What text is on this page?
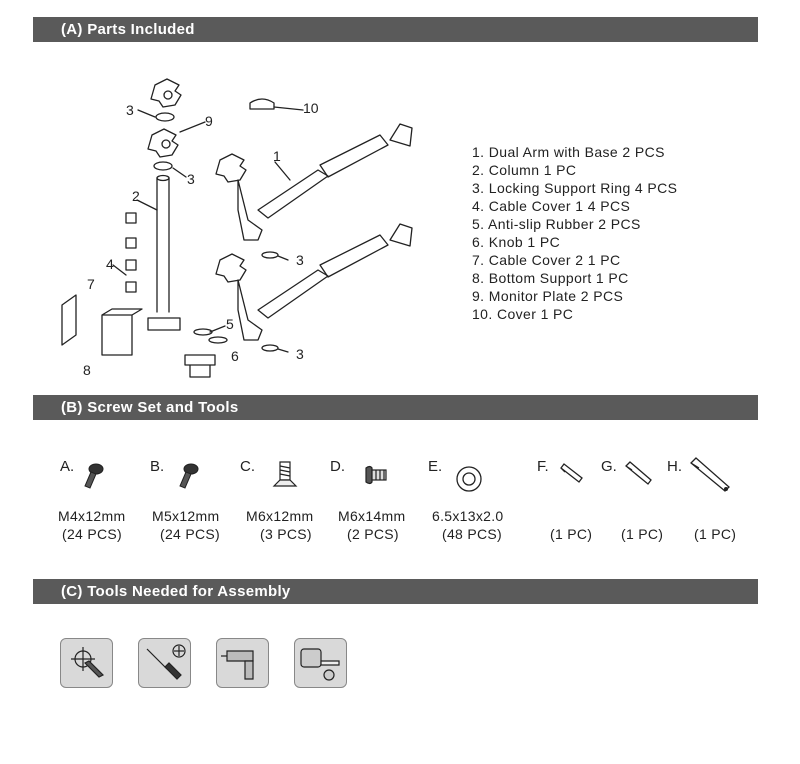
(A) Parts Included
3
9
10
1
3
2
4	3
7
5
6	3
8
1. Dual Arm with Base 2 PCS
2. Column 1 PC
3. Locking Support Ring 4 PCS
4. Cable Cover 1 4 PCS
5. Anti-slip Rubber 2 PCS
6. Knob 1 PC
7. Cable Cover 2 1 PC
8. Bottom Support 1 PC
9. Monitor Plate 2 PCS
10. Cover 1 PC
(B) Screw Set and Tools
A.
M4x12mm
(24 PCS)
B.
M5x12mm
(24 PCS)
C.
M6x12mm
(3 PCS)
D.
M6x14mm
(2 PCS)
E.
6.5x13x2.0
(48 PCS)
F.
(1 PC)
G.
(1 PC)
H.
(1 PC)
(C) Tools Needed for Assembly
